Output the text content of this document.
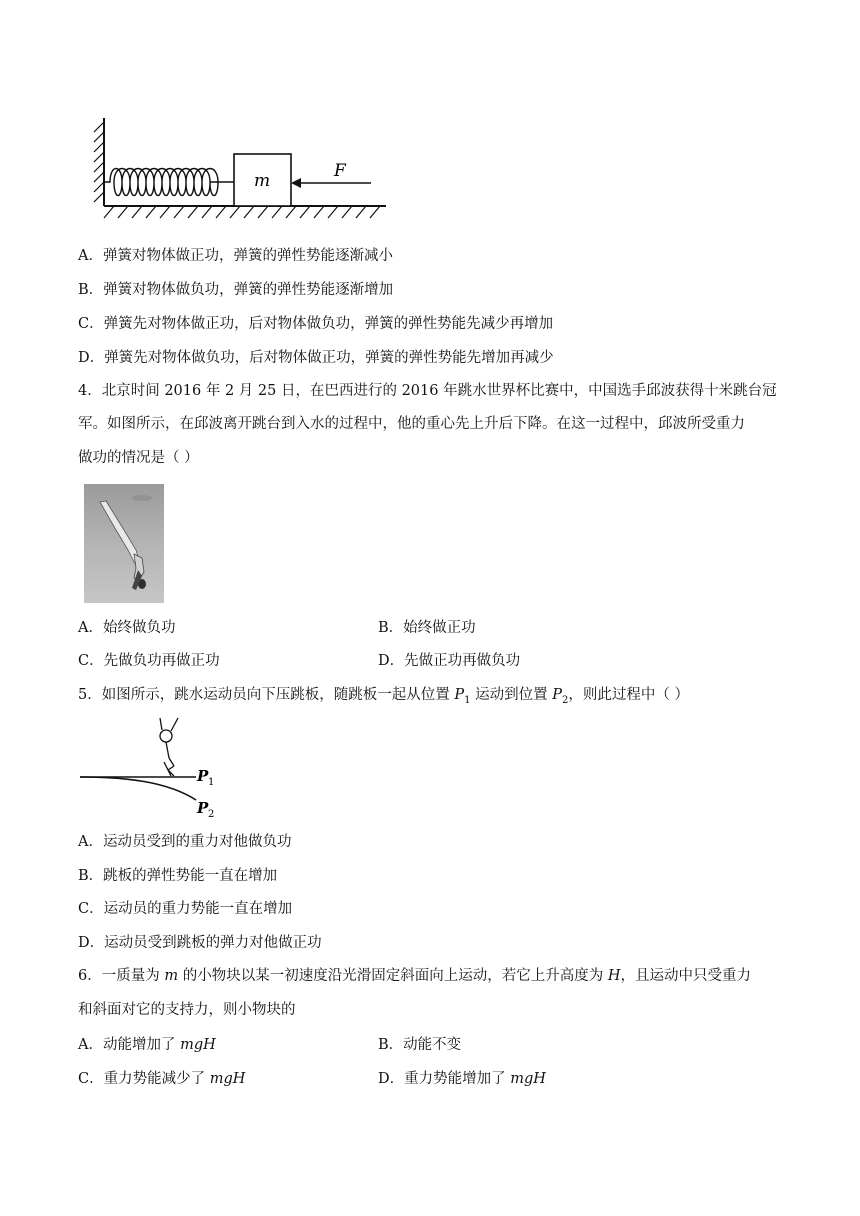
m	F
A．弹簧对物体做正功，弹簧的弹性势能逐渐减小
B．弹簧对物体做负功，弹簧的弹性势能逐渐增加
C．弹簧先对物体做正功，后对物体做负功，弹簧的弹性势能先减少再增加
D．弹簧先对物体做负功，后对物体做正功，弹簧的弹性势能先增加再减少
4．北京时间 2016 年 2 月 25 日，在巴西进行的 2016 年跳水世界杯比赛中，中国选手邱波获得十米跳台冠
军。如图所示，在邱波离开跳台到入水的过程中，他的重心先上升后下降。在这一过程中，邱波所受重力
做功的情况是（ ）
A．始终做负功	B．始终做正功
C．先做负功再做正功	D．先做正功再做负功
5．如图所示，跳水运动员向下压跳板，随跳板一起从位置 $P_1$ 运动到位置 $P_2$，则此过程中（ ）
P 1
P 2
A．运动员受到的重力对他做负功
B．跳板的弹性势能一直在增加
C．运动员的重力势能一直在增加
D．运动员受到跳板的弹力对他做正功
6．一质量为 m 的小物块以某一初速度沿光滑固定斜面向上运动，若它上升高度为 H，且运动中只受重力
和斜面对它的支持力，则小物块的
A．动能增加了 mgH	B．动能不变
C．重力势能减少了 mgH	D．重力势能增加了 mgH
